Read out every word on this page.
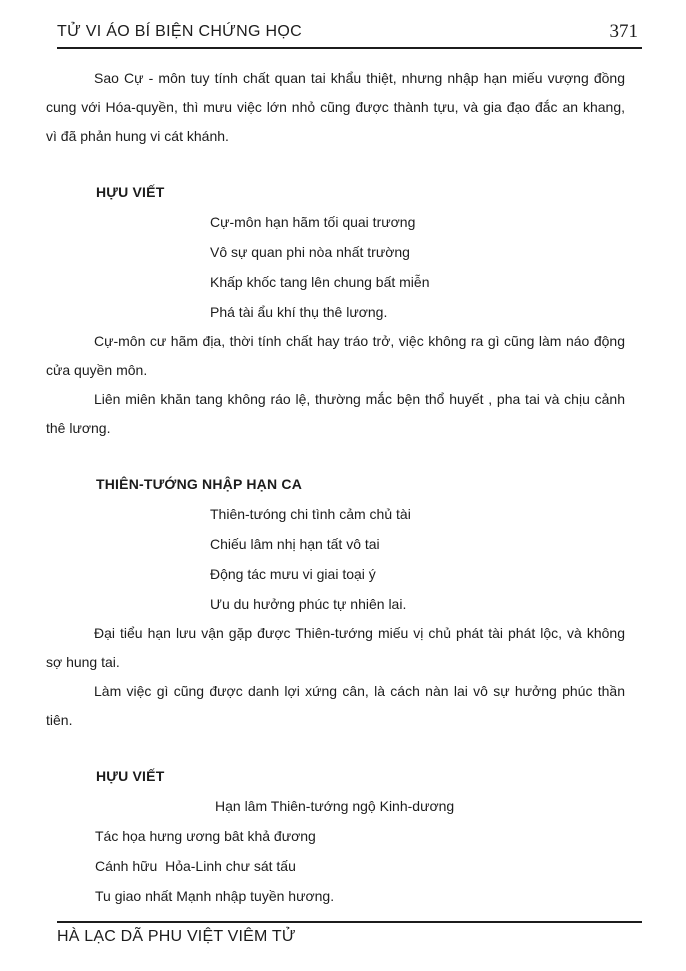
TỬ VI ÁO BÍ BIỆN CHỨNG HỌC	371

Sao Cự - môn tuy tính chất quan tai khẩu thiệt, nhưng nhập hạn miếu vượng đồng
cung với Hóa-quyền, thì mưu việc lớn nhỏ cũng được thành tựu, và gia đạo đắc an khang,
vì đã phản hung vi cát khánh.

HỰU VIẾT
Cự-môn hạn hãm tối quai trương
Vô sự quan phi nòa nhất trường
Khấp khốc tang lên chung bất miễn
Phá tài ẩu khí thụ thê lương.

Cự-môn cư hãm địa, thời tính chất hay tráo trở, việc không ra gì cũng làm náo động
cửa quyền môn.

Liên miên khăn tang không ráo lệ, thường mắc bện thổ huyết , pha tai và chịu cảnh
thê lương.

THIÊN-TƯỚNG NHẬP HẠN CA
Thiên-tưóng chi tình cảm chủ tài
Chiếu lâm nhị hạn tất vô tai
Động tác mưu vi giai toại ý
Ưu du hưởng phúc tự nhiên lai.

Đại tiểu hạn lưu vận gặp được Thiên-tướng miếu vị chủ phát tài phát lộc, và không
sợ hung tai.

Làm việc gì cũng được danh lợi xứng cân, là cách nàn lai vô sự hưởng phúc thần
tiên.

HỰU VIẾT
Hạn lâm Thiên-tướng ngộ Kinh-dương
Tác họa hưng ương bât khả đương
Cánh hữu  Hỏa-Linh chư sát tấu
Tu giao nhất Mạnh nhập tuyền hương.
HÀ LẠC DÃ PHU VIỆT VIÊM TỬ
